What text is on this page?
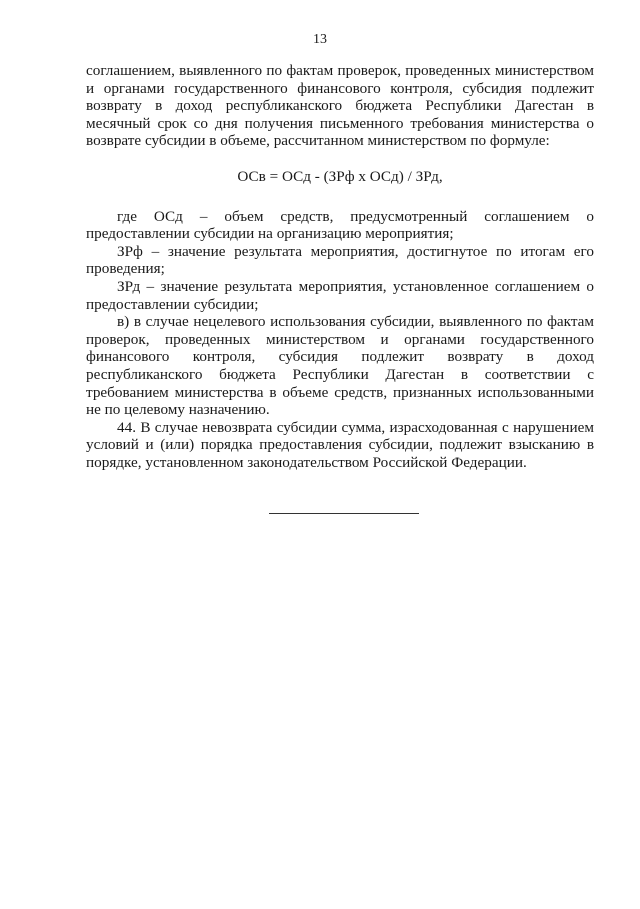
13

соглашением, выявленного по фактам проверок, проведенных министерством и органами государственного финансового контроля, субсидия подлежит возврату в доход республиканского бюджета Республики Дагестан в месячный срок со дня получения письменного требования министерства о возврате субсидии в объеме, рассчитанном министерством по формуле:

ОСв = ОСд - (ЗРф х ОСд) / ЗРд,

где ОСд – объем средств, предусмотренный соглашением о предоставлении субсидии на организацию мероприятия;

ЗРф – значение результата мероприятия, достигнутое по итогам его проведения;

ЗРд – значение результата мероприятия, установленное соглашением о предоставлении субсидии;

в) в случае нецелевого использования субсидии, выявленного по фактам проверок, проведенных министерством и органами государственного финансового контроля, субсидия подлежит возврату в доход республиканского бюджета Республики Дагестан в соответствии с требованием министерства в объеме средств, признанных использованными не по целевому назначению.

44. В случае невозврата субсидии сумма, израсходованная с нарушением условий и (или) порядка предоставления субсидии, подлежит взысканию в порядке, установленном законодательством Российской Федерации.
